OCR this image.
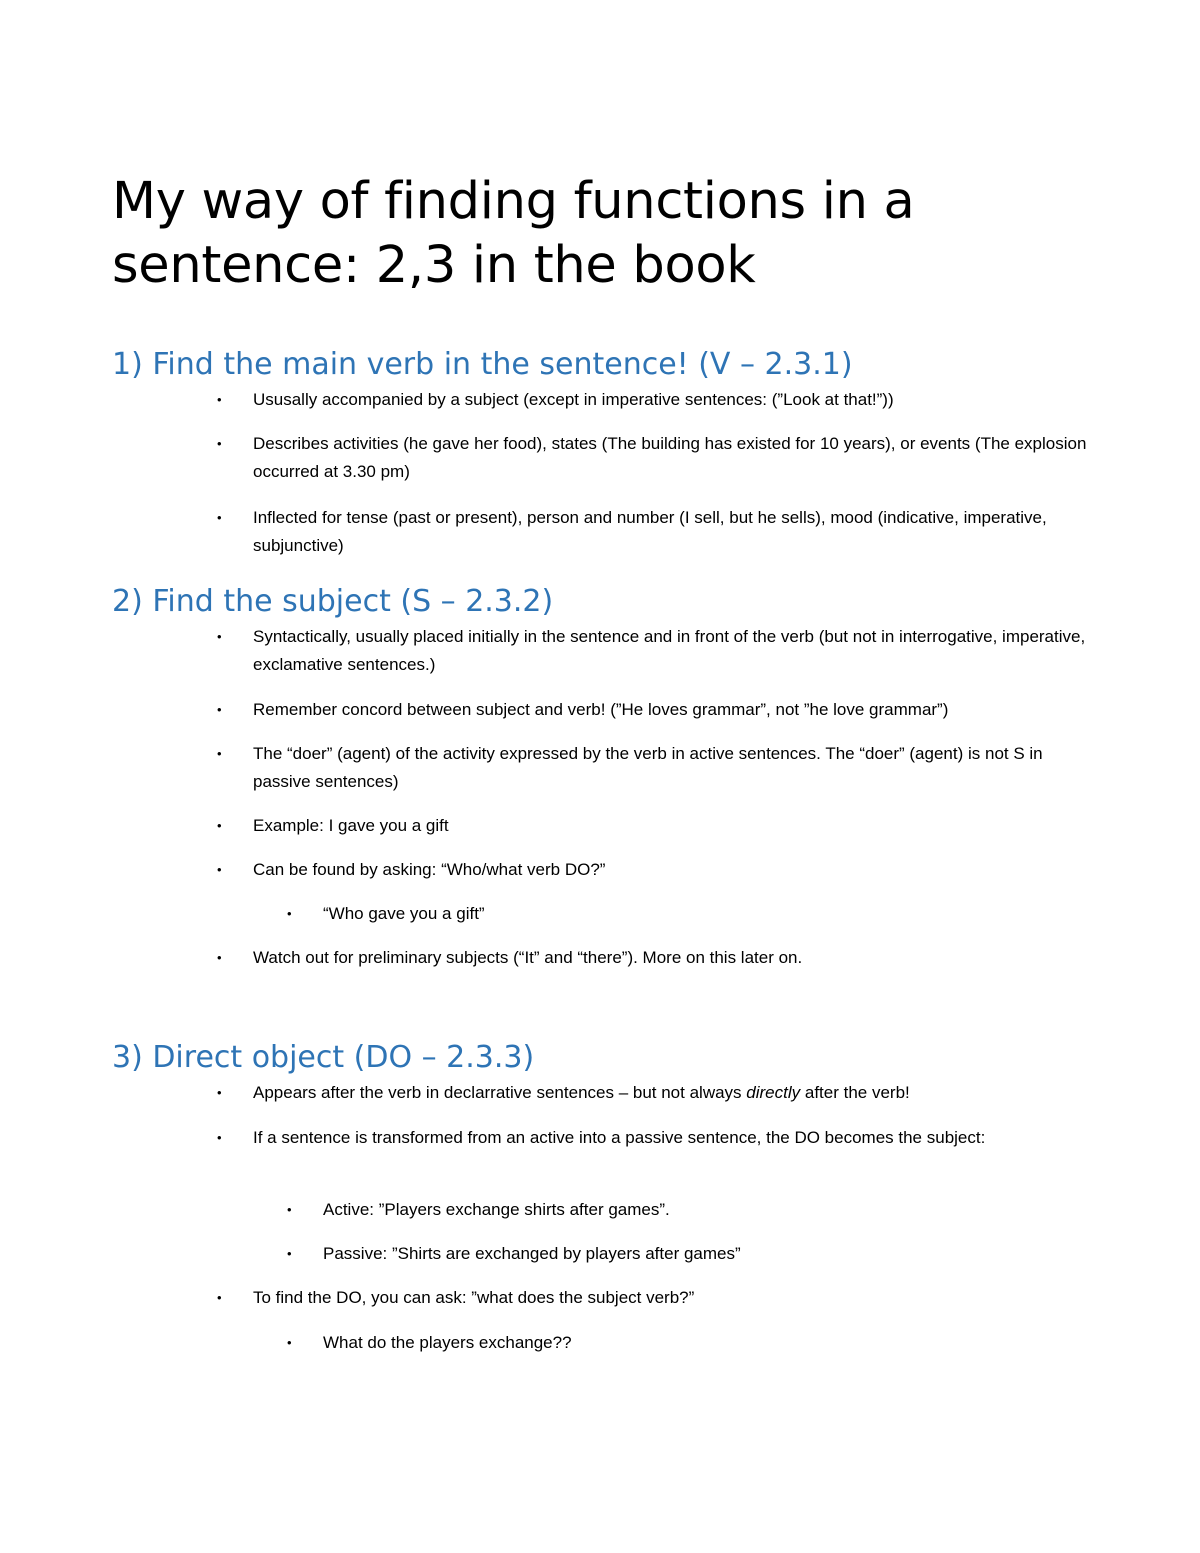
My way of finding functions in a
sentence: 2,3 in the book
1) Find the main verb in the sentence! (V – 2.3.1)
• Ususally accompanied by a subject (except in imperative sentences: (”Look at that!”))
• Describes activities (he gave her food), states (The building has existed for 10 years), or events (The explosion occurred at 3.30 pm)
• Inflected for tense (past or present), person and number (I sell, but he sells), mood (indicative, imperative, subjunctive)
2) Find the subject (S – 2.3.2)
• Syntactically, usually placed initially in the sentence and in front of the verb (but not in interrogative, imperative, exclamative sentences.)
• Remember concord between subject and verb! (”He loves grammar”, not ”he love grammar”)
• The “doer” (agent) of the activity expressed by the verb in active sentences. The “doer” (agent) is not S in passive sentences)
• Example: I gave you a gift
• Can be found by asking: “Who/what verb DO?”
• “Who gave you a gift”
• Watch out for preliminary subjects (“It” and “there”). More on this later on.
3) Direct object (DO – 2.3.3)
• Appears after the verb in declarrative sentences – but not always directly after the verb!
• If a sentence is transformed from an active into a passive sentence, the DO becomes the subject:
• Active: ”Players exchange shirts after games”.
• Passive: ”Shirts are exchanged by players after games”
• To find the DO, you can ask: ”what does the subject verb?”
• What do the players exchange??
